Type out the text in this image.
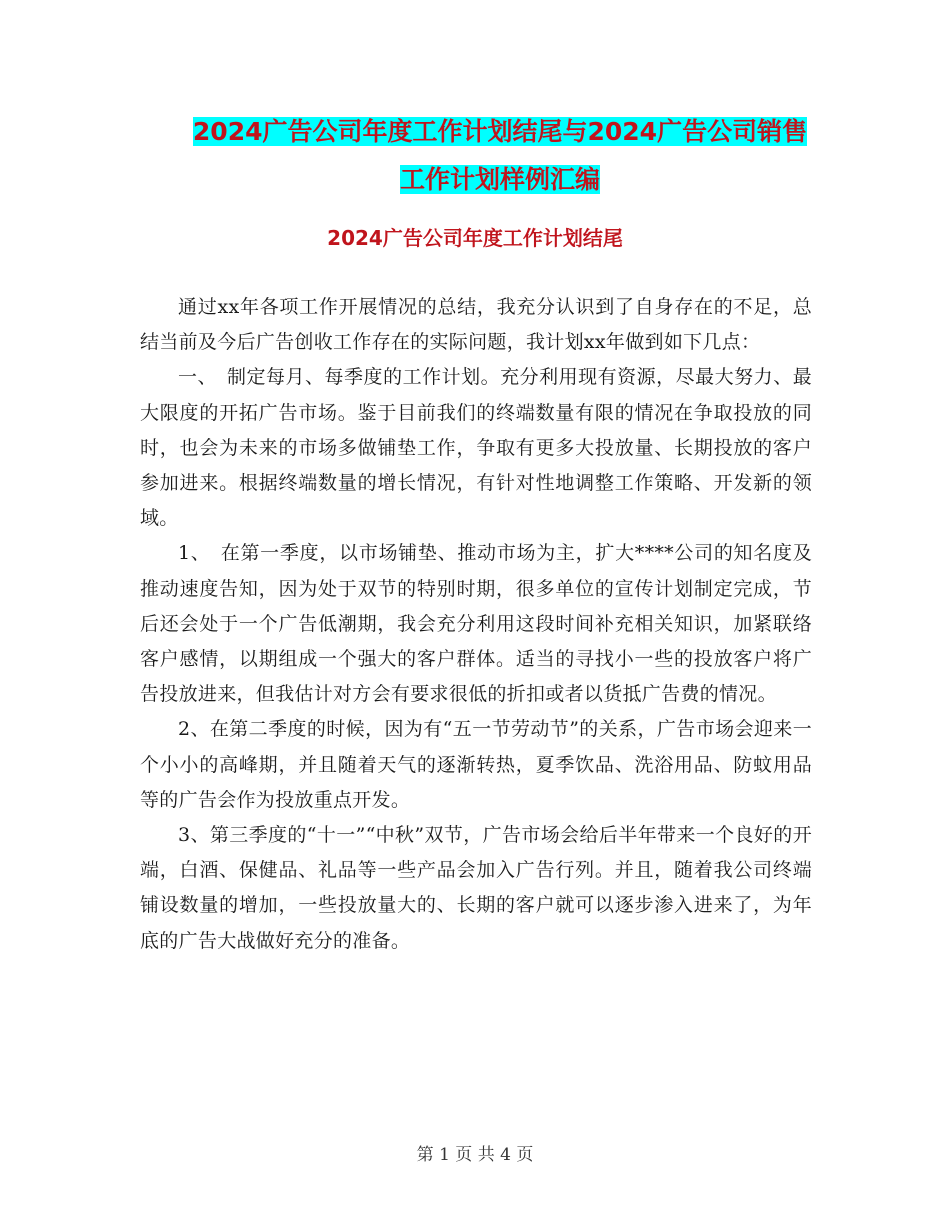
2024广告公司年度工作计划结尾与2024广告公司销售
工作计划样例汇编
2024广告公司年度工作计划结尾

通过xx年各项工作开展情况的总结，我充分认识到了自身存在的不足，总结当前及今后广告创收工作存在的实际问题，我计划xx年做到如下几点：

一、　制定每月、每季度的工作计划。充分利用现有资源，尽最大努力、最大限度的开拓广告市场。鉴于目前我们的终端数量有限的情况在争取投放的同时，也会为未来的市场多做铺垫工作，争取有更多大投放量、长期投放的客户参加进来。根据终端数量的增长情况，有针对性地调整工作策略、开发新的领域。

1、　在第一季度，以市场铺垫、推动市场为主，扩大****公司的知名度及推动速度告知，因为处于双节的特别时期，很多单位的宣传计划制定完成，节后还会处于一个广告低潮期，我会充分利用这段时间补充相关知识，加紧联络客户感情，以期组成一个强大的客户群体。适当的寻找小一些的投放客户将广告投放进来，但我估计对方会有要求很低的折扣或者以货抵广告费的情况。

2、在第二季度的时候，因为有“五一节劳动节”的关系，广告市场会迎来一个小小的高峰期，并且随着天气的逐渐转热，夏季饮品、洗浴用品、防蚊用品等的广告会作为投放重点开发。

3、第三季度的“十一”“中秋”双节，广告市场会给后半年带来一个良好的开端，白酒、保健品、礼品等一些产品会加入广告行列。并且，随着我公司终端铺设数量的增加，一些投放量大的、长期的客户就可以逐步渗入进来了，为年底的广告大战做好充分的准备。

第 1 页 共 4 页
